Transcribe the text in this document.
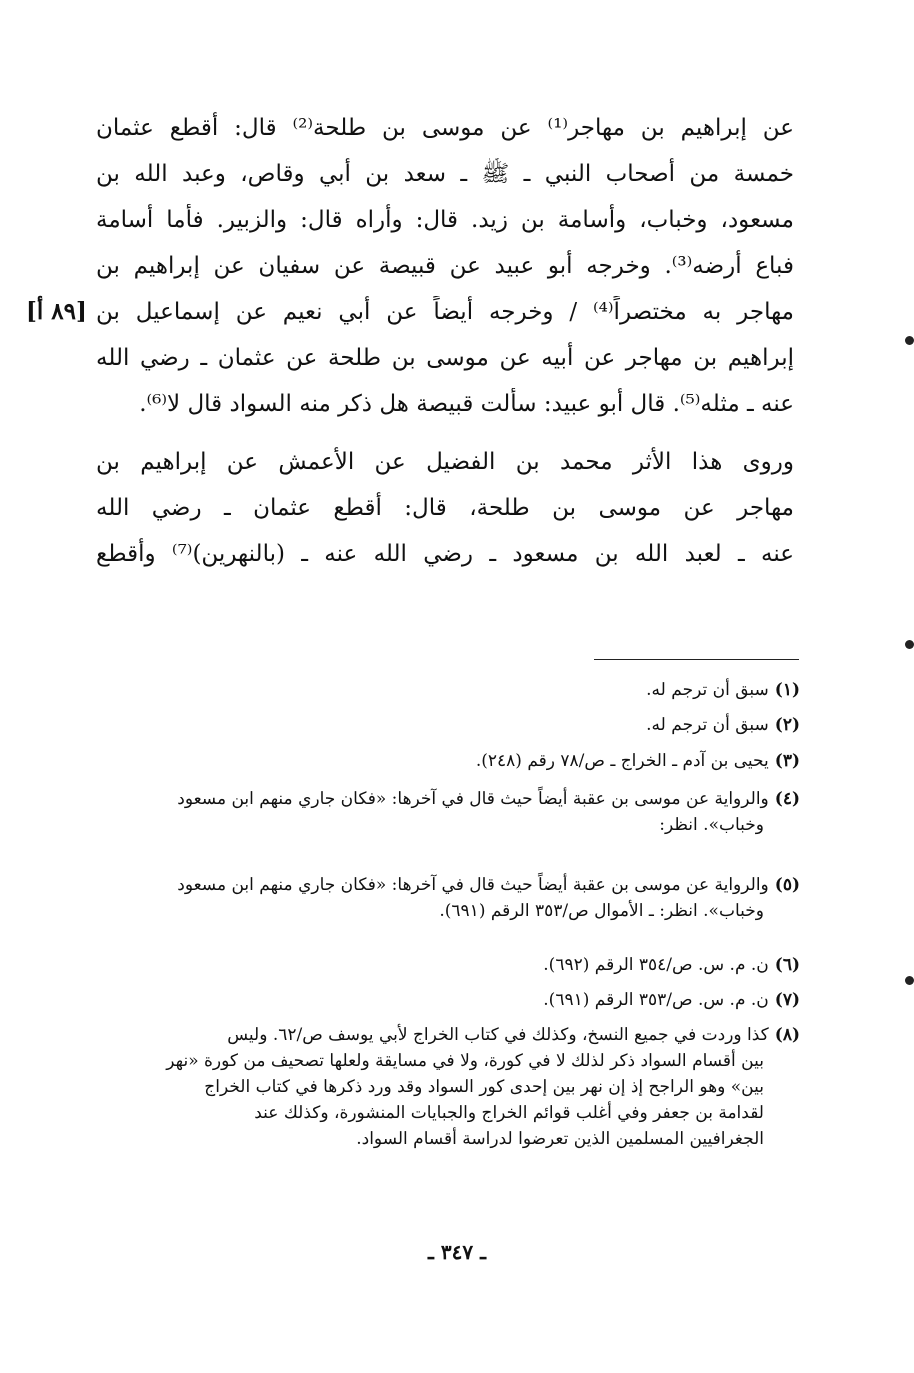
عن إبراهيم بن مهاجر⁽¹⁾ عن موسى بن طلحة⁽²⁾ قال: أقطع عثمان
خمسة من أصحاب النبي ـ ﷺ ـ سعد بن أبي وقاص، وعبد الله بن
مسعود، وخباب، وأسامة بن زيد. قال: وأراه قال: والزبير. فأما أسامة
فباع أرضه⁽³⁾. وخرجه أبو عبيد عن قبيصة عن سفيان عن إبراهيم بن
مهاجر به مختصراً⁽⁴⁾ / وخرجه أيضاً عن أبي نعيم عن إسماعيل بن
إبراهيم بن مهاجر عن أبيه عن موسى بن طلحة عن عثمان ـ رضي الله
عنه ـ مثله⁽⁵⁾. قال أبو عبيد: سألت قبيصة هل ذكر منه السواد قال لا⁽⁶⁾.
وروى هذا الأثر محمد بن الفضيل عن الأعمش عن إبراهيم بن
مهاجر عن موسى بن طلحة، قال: أقطع عثمان ـ رضي الله
عنه ـ لعبد الله بن مسعود ـ رضي الله عنه ـ (بالنهرين)⁽⁷⁾ وأقطع
[٨٩ أ]
(١)سبق أن ترجم له.
(٢)سبق أن ترجم له.
(٣)يحيى بن آدم ـ الخراج ـ ص/٧٨ رقم (٢٤٨).
(٤)والرواية عن موسى بن عقبة أيضاً حيث قال في آخرها: «فكان جاري منهم ابن مسعود
وخباب». انظر:
(٥)والرواية عن موسى بن عقبة أيضاً حيث قال في آخرها: «فكان جاري منهم ابن مسعود
وخباب». انظر: ـ الأموال ص/٣٥٣ الرقم (٦٩١).
(٦)ن. م. س. ص/٣٥٤ الرقم (٦٩٢).
(٧)ن. م. س. ص/٣٥٣ الرقم (٦٩١).
(٨)كذا وردت في جميع النسخ، وكذلك في كتاب الخراج لأبي يوسف ص/٦٢. وليس
بين أقسام السواد ذكر لذلك لا في كورة، ولا في مسايقة ولعلها تصحيف من كورة «نهر
بين» وهو الراجح إذ إن نهر بين إحدى كور السواد وقد ورد ذكرها في كتاب الخراج
لقدامة بن جعفر وفي أغلب قوائم الخراج والجبايات المنشورة، وكذلك عند
الجغرافيين المسلمين الذين تعرضوا لدراسة أقسام السواد.
ـ ٣٤٧ ـ
